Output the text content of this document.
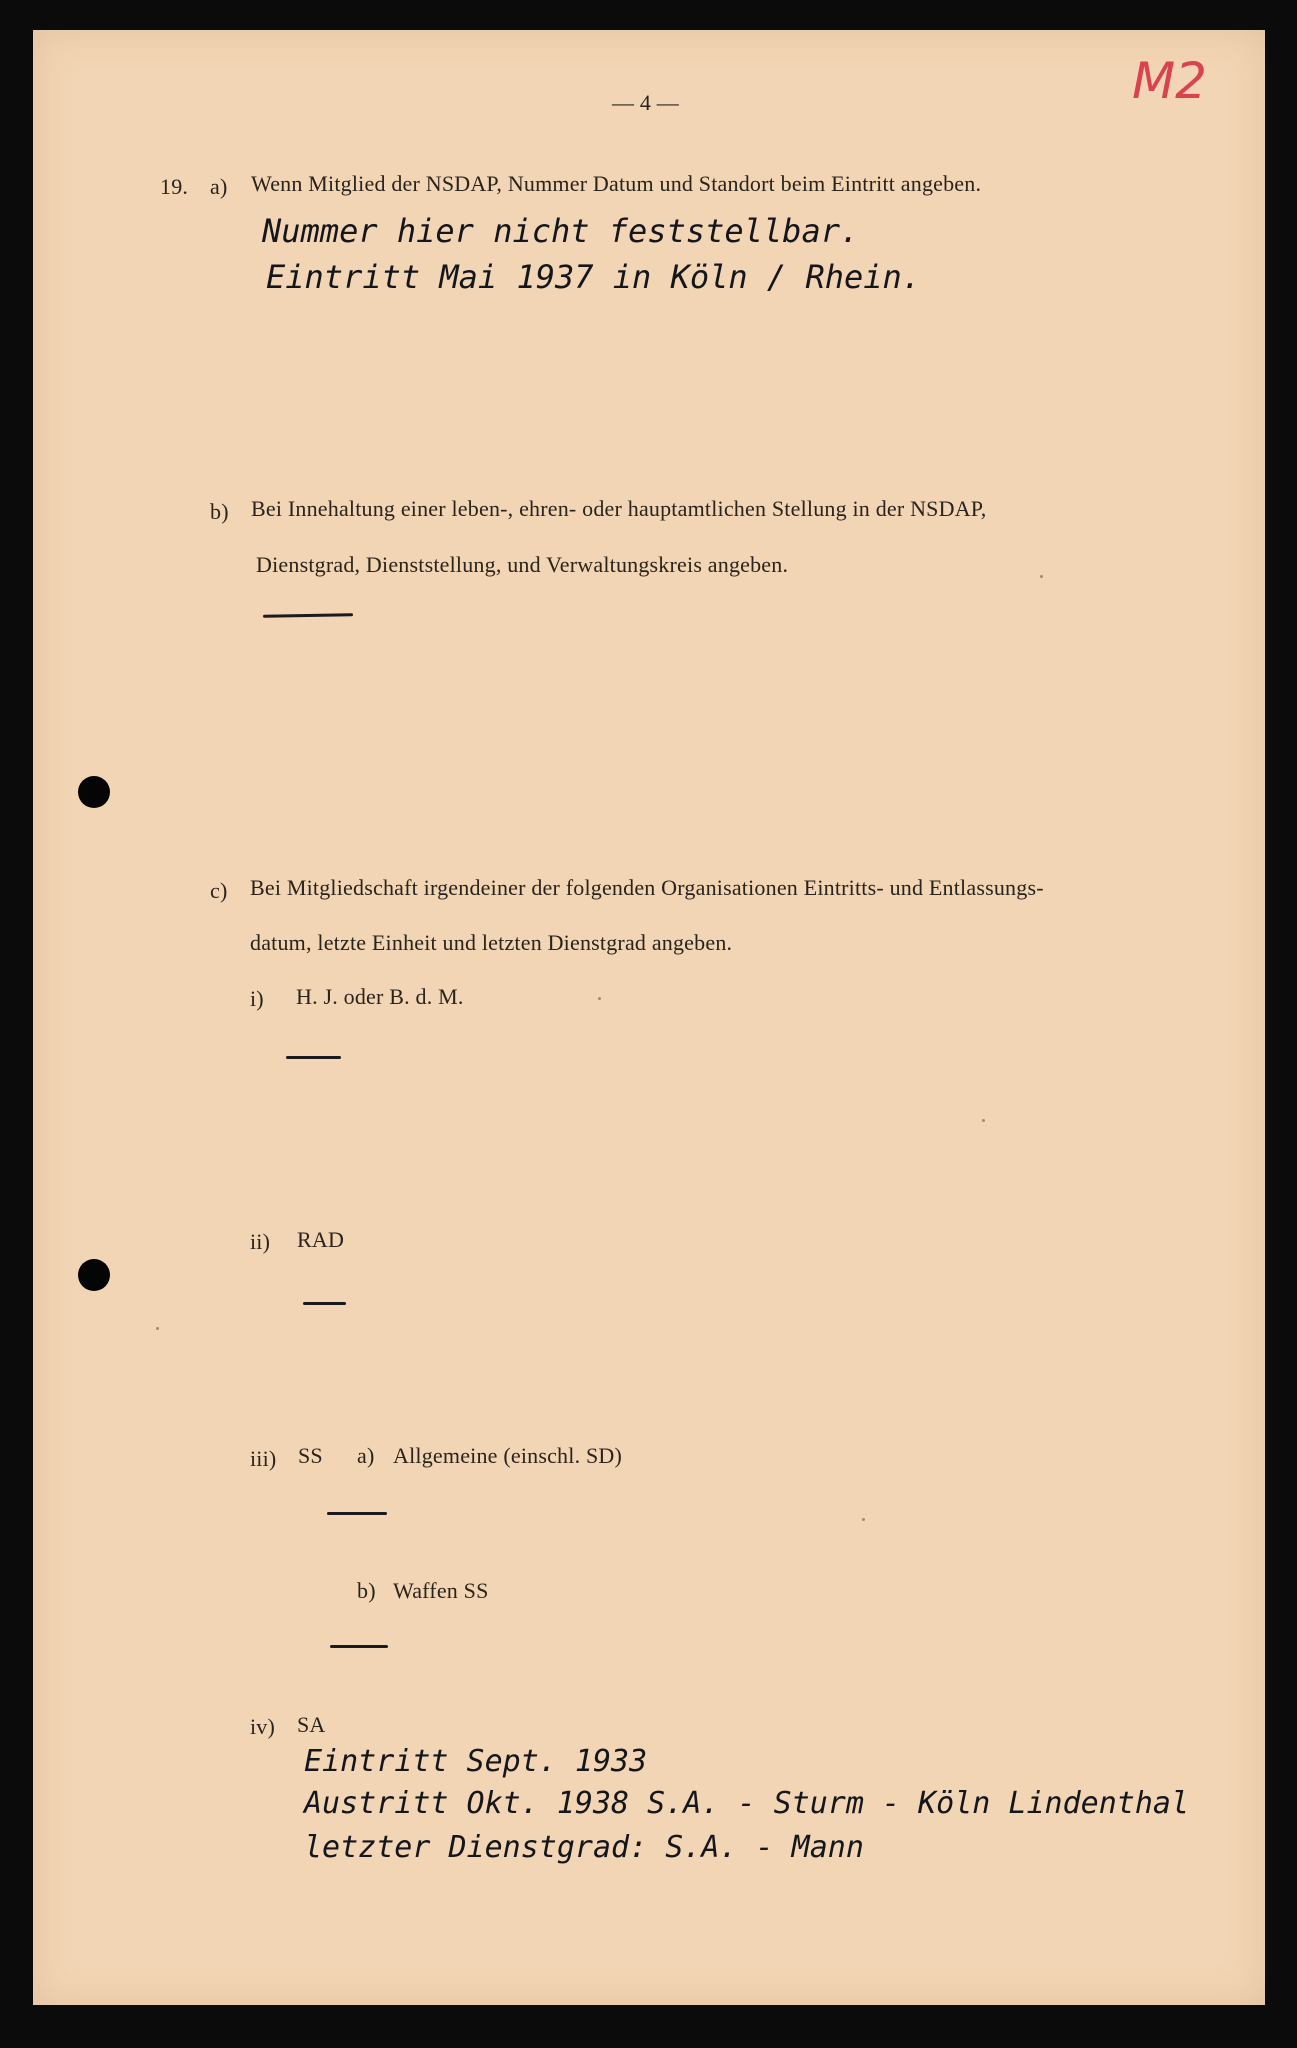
— 4 —	M2

19. a) Wenn Mitglied der NSDAP, Nummer Datum und Standort beim Eintritt angeben.

Nummer hier nicht feststellbar.

Eintritt Mai 1937 in Köln / Rhein.

b) Bei Innehaltung einer leben-, ehren- oder hauptamtlichen Stellung in der NSDAP,

Dienstgrad, Dienststellung, und Verwaltungskreis angeben.

c) Bei Mitgliedschaft irgendeiner der folgenden Organisationen Eintritts- und Entlassungs-

datum, letzte Einheit und letzten Dienstgrad angeben.

i) H. J. oder B. d. M.

ii) RAD

iii) SS a) Allgemeine (einschl. SD)

b) Waffen SS

iv) SA

Eintritt Sept. 1933

Austritt Okt. 1938 S.A. - Sturm - Köln Lindenthal

letzter Dienstgrad: S.A. - Mann
